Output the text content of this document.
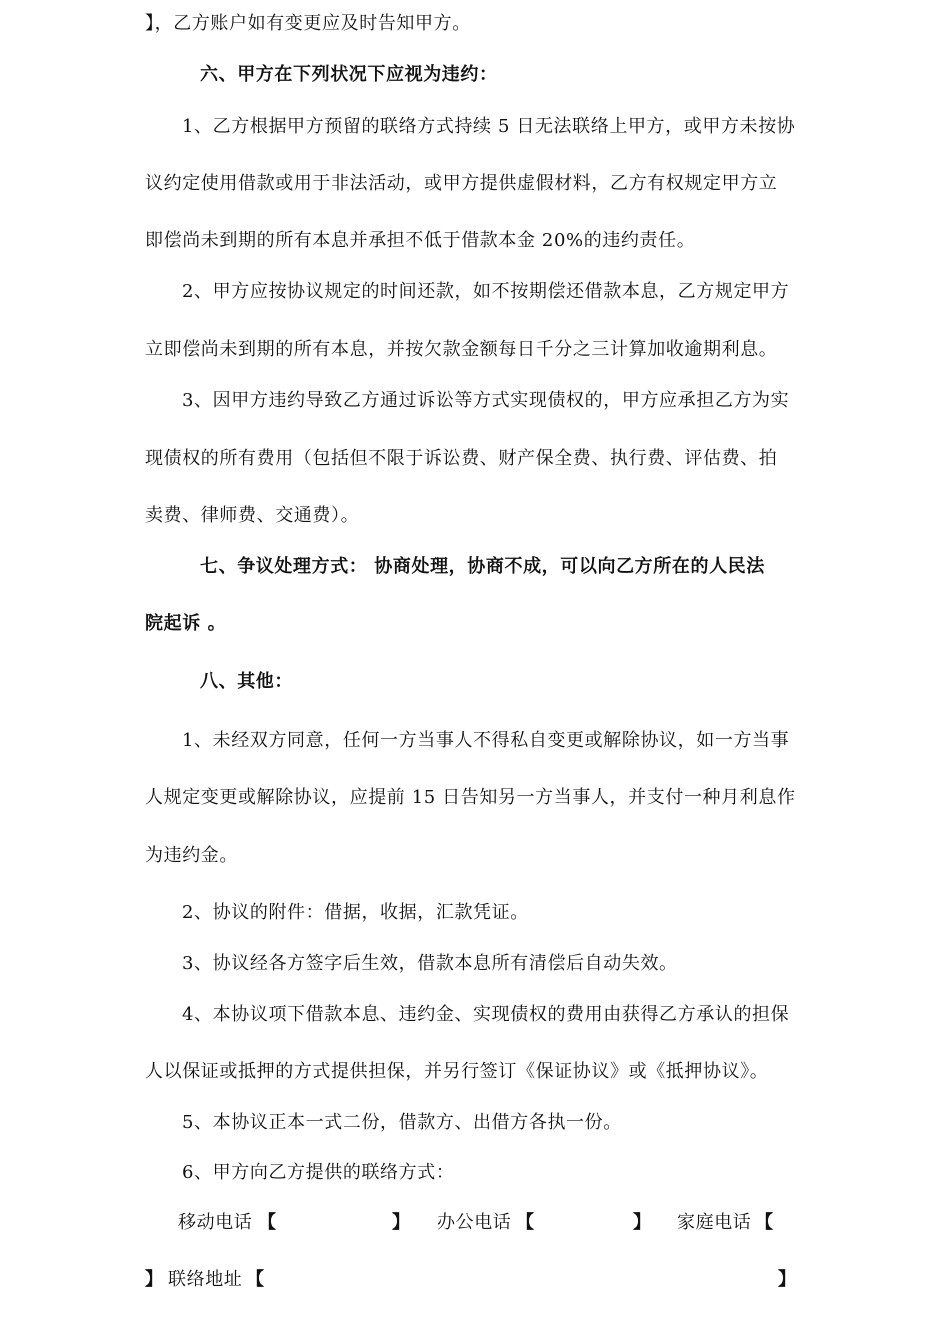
】，乙方账户如有变更应及时告知甲方。
六、甲方在下列状况下应视为违约：
1、乙方根据甲方预留的联络方式持续 5 日无法联络上甲方，或甲方未按协
议约定使用借款或用于非法活动，或甲方提供虚假材料，乙方有权规定甲方立
即偿尚未到期的所有本息并承担不低于借款本金 20%的违约责任。
2、甲方应按协议规定的时间还款，如不按期偿还借款本息，乙方规定甲方
立即偿尚未到期的所有本息，并按欠款金额每日千分之三计算加收逾期利息。
3、因甲方违约导致乙方通过诉讼等方式实现债权的，甲方应承担乙方为实
现债权的所有费用（包括但不限于诉讼费、财产保全费、执行费、评估费、拍
卖费、律师费、交通费）。
七、争议处理方式： 协商处理，协商不成，可以向乙方所在的人民法
院起诉 。
八、其他：
1、未经双方同意，任何一方当事人不得私自变更或解除协议，如一方当事
人规定变更或解除协议，应提前 15 日告知另一方当事人，并支付一种月利息作
为违约金。
2、协议的附件：借据，收据，汇款凭证。
3、协议经各方签字后生效，借款本息所有清偿后自动失效。
4、本协议项下借款本息、违约金、实现债权的费用由获得乙方承认的担保
人以保证或抵押的方式提供担保，并另行签订《保证协议》或《抵押协议》。
5、本协议正本一式二份，借款方、出借方各执一份。
6、甲方向乙方提供的联络方式：
移动电话 【	】 办公电话 【	】 家庭电话 【
】 联络地址 【	】
